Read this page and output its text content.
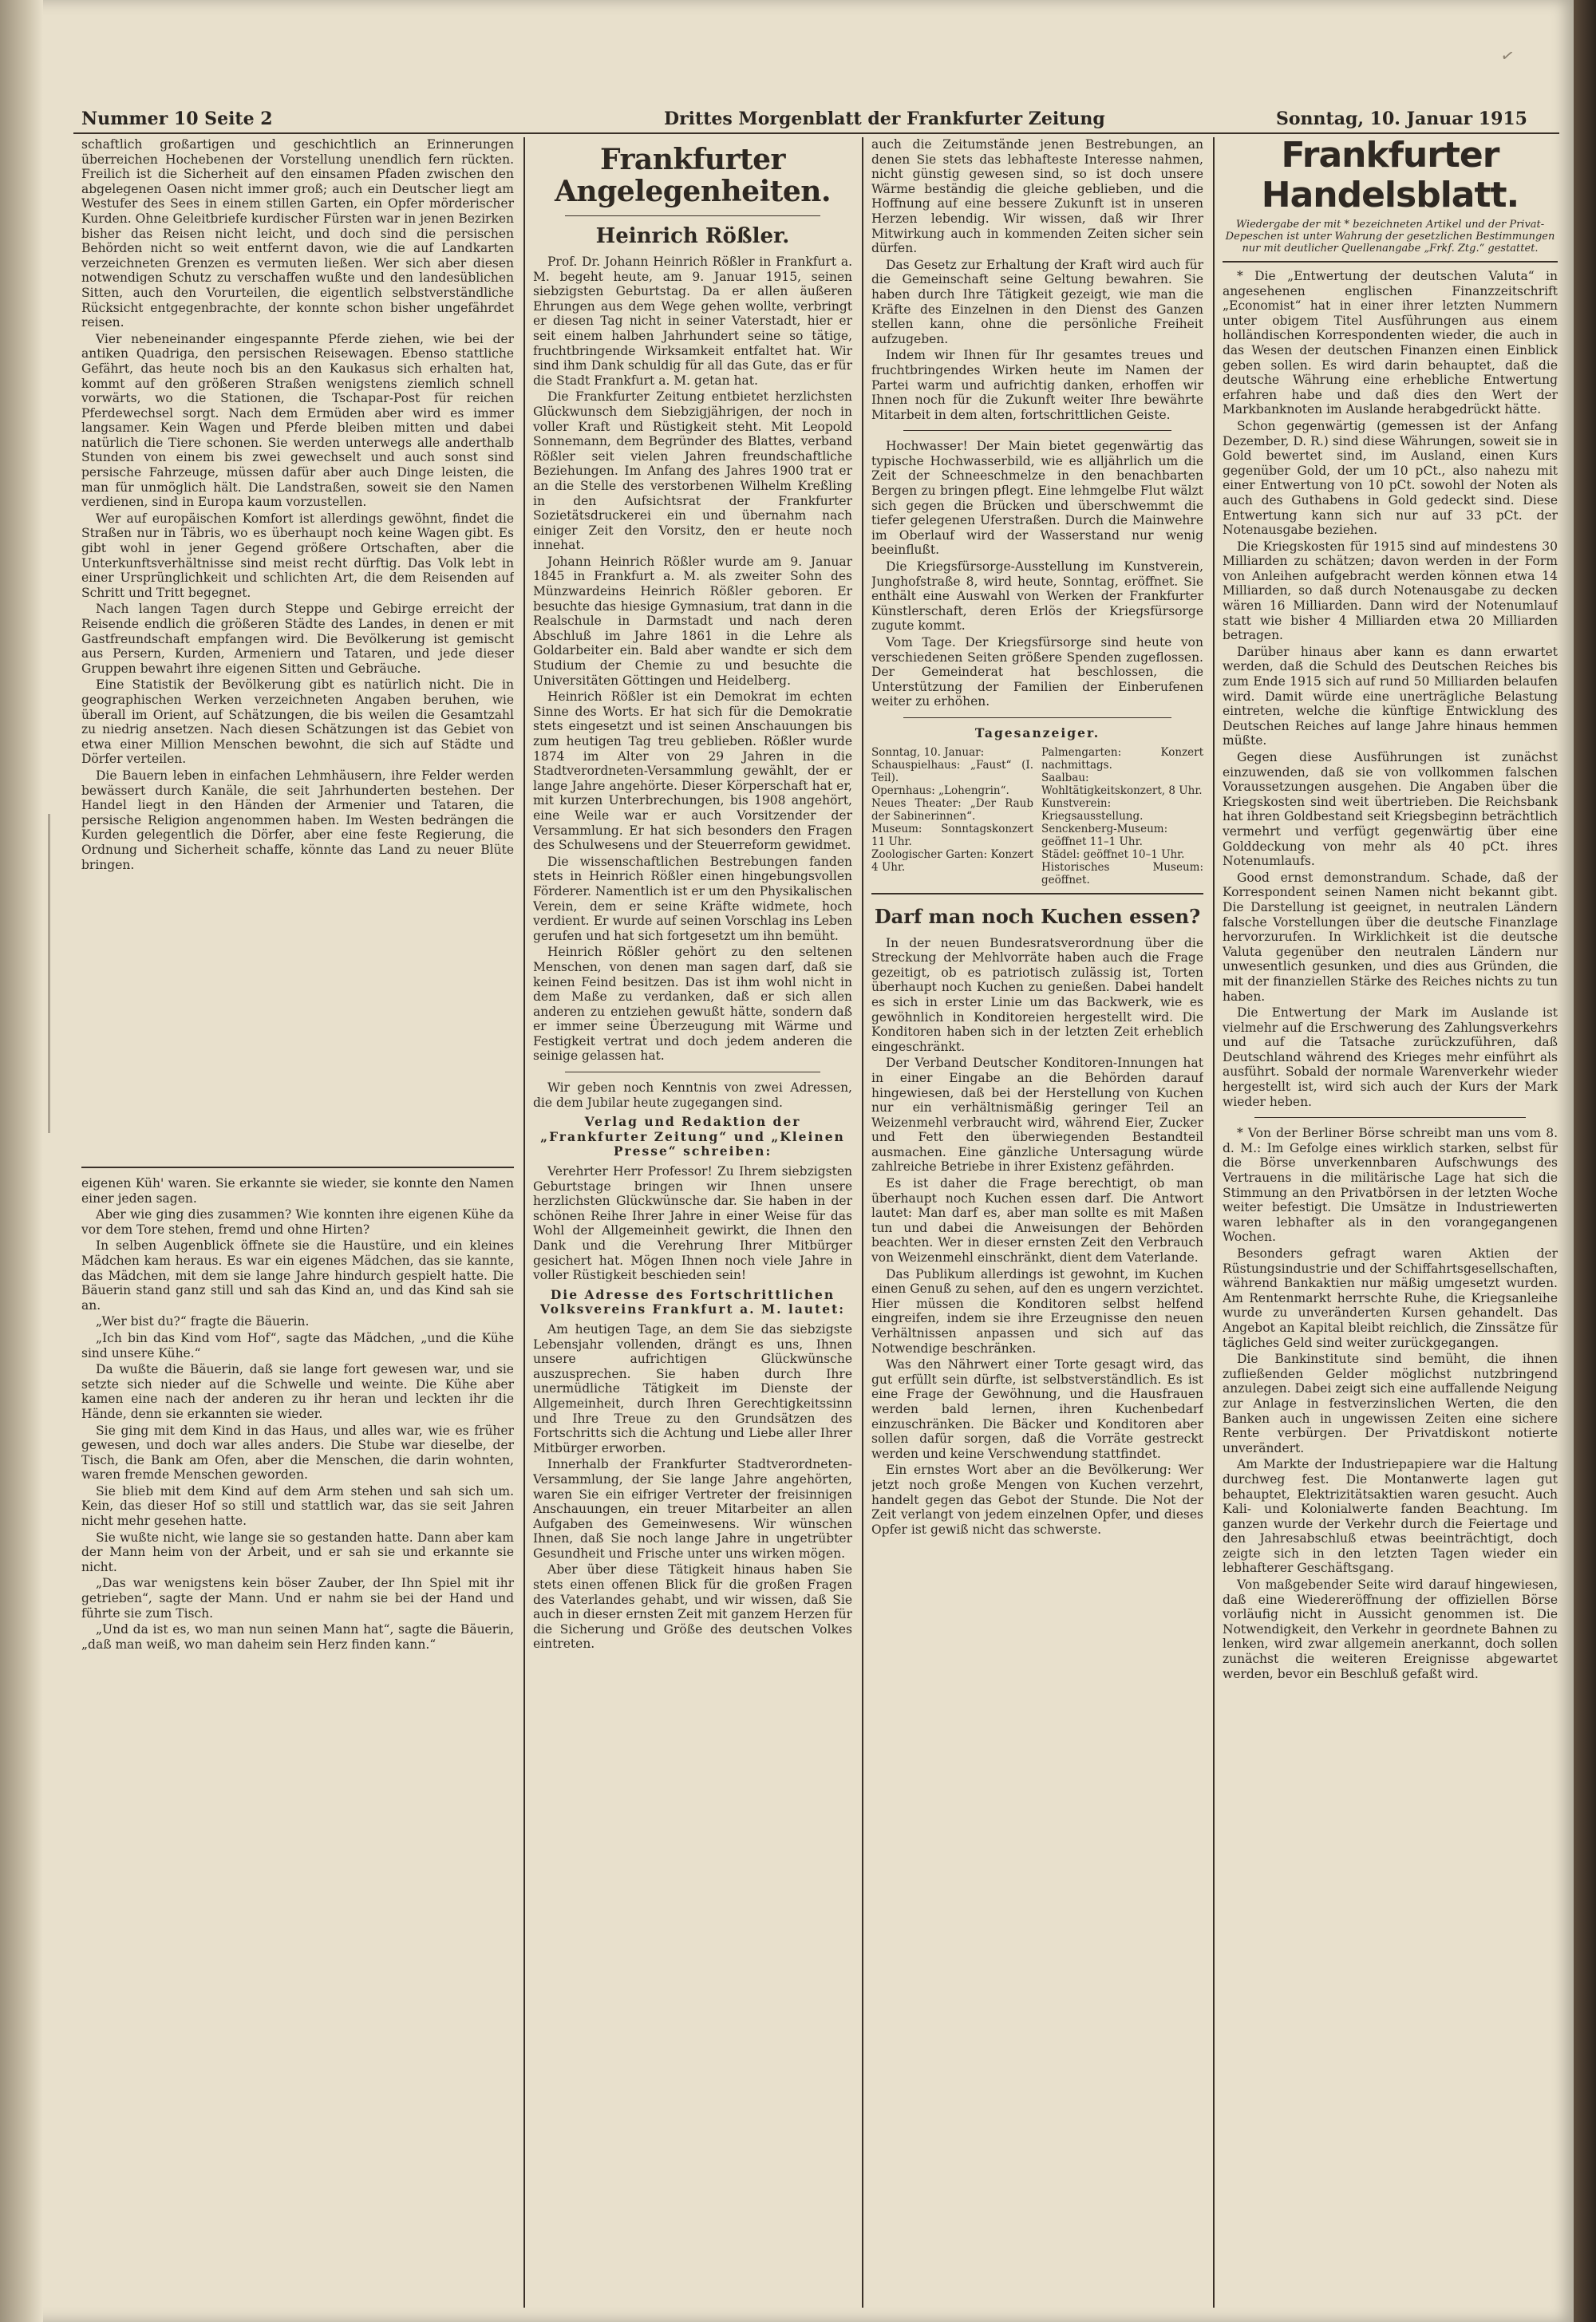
✓
Nummer 10 Seite 2	Drittes Morgenblatt der Frankfurter Zeitung	Sonntag, 10. Januar 1915

schaftlich großartigen und geschichtlich an Erinnerungen überreichen Hochebenen der Vorstellung unendlich fern rückten. Freilich ist die Sicherheit auf den einsamen Pfaden zwischen den abgelegenen Oasen nicht immer groß; auch ein Deutscher liegt am Westufer des Sees in einem stillen Garten, ein Opfer mörderischer Kurden. Ohne Geleitbriefe kurdischer Fürsten war in jenen Bezirken bisher das Reisen nicht leicht, und doch sind die persischen Behörden nicht so weit entfernt davon, wie die auf Landkarten verzeichneten Grenzen es vermuten ließen. Wer sich aber diesen notwendigen Schutz zu verschaffen wußte und den landesüblichen Sitten, auch den Vorurteilen, die eigentlich selbstverständliche Rücksicht entgegenbrachte, der konnte schon bisher ungefährdet reisen.

Vier nebeneinander eingespannte Pferde ziehen, wie bei der antiken Quadriga, den persischen Reisewagen. Ebenso stattliche Gefährt, das heute noch bis an den Kaukasus sich erhalten hat, kommt auf den größeren Straßen wenigstens ziemlich schnell vorwärts, wo die Stationen, die Tschapar-Post für reichen Pferdewechsel sorgt. Nach dem Ermüden aber wird es immer langsamer. Kein Wagen und Pferde bleiben mitten und dabei natürlich die Tiere schonen. Sie werden unterwegs alle anderthalb Stunden von einem bis zwei gewechselt und auch sonst sind persische Fahrzeuge, müssen dafür aber auch Dinge leisten, die man für unmöglich hält. Die Landstraßen, soweit sie den Namen verdienen, sind in Europa kaum vorzustellen.

Wer auf europäischen Komfort ist allerdings gewöhnt, findet die Straßen nur in Täbris, wo es überhaupt noch keine Wagen gibt. Es gibt wohl in jener Gegend größere Ortschaften, aber die Unterkunftsverhältnisse sind meist recht dürftig. Das Volk lebt in einer Ursprünglichkeit und schlichten Art, die dem Reisenden auf Schritt und Tritt begegnet.

Nach langen Tagen durch Steppe und Gebirge erreicht der Reisende endlich die größeren Städte des Landes, in denen er mit Gastfreundschaft empfangen wird. Die Bevölkerung ist gemischt aus Persern, Kurden, Armeniern und Tataren, und jede dieser Gruppen bewahrt ihre eigenen Sitten und Gebräuche.

Eine Statistik der Bevölkerung gibt es natürlich nicht. Die in geographischen Werken verzeichneten Angaben beruhen, wie überall im Orient, auf Schätzungen, die bis weilen die Gesamtzahl zu niedrig ansetzen. Nach diesen Schätzungen ist das Gebiet von etwa einer Million Menschen bewohnt, die sich auf Städte und Dörfer verteilen.

Die Bauern leben in einfachen Lehmhäusern, ihre Felder werden bewässert durch Kanäle, die seit Jahrhunderten bestehen. Der Handel liegt in den Händen der Armenier und Tataren, die persische Religion angenommen haben. Im Westen bedrängen die Kurden gelegentlich die Dörfer, aber eine feste Regierung, die Ordnung und Sicherheit schaffe, könnte das Land zu neuer Blüte bringen.

eigenen Küh' waren. Sie erkannte sie wieder, sie konnte den Namen einer jeden sagen.

Aber wie ging dies zusammen? Wie konnten ihre eigenen Kühe da vor dem Tore stehen, fremd und ohne Hirten?

In selben Augenblick öffnete sie die Haustüre, und ein kleines Mädchen kam heraus. Es war ein eigenes Mädchen, das sie kannte, das Mädchen, mit dem sie lange Jahre hindurch gespielt hatte. Die Bäuerin stand ganz still und sah das Kind an, und das Kind sah sie an.

„Wer bist du?“ fragte die Bäuerin.

„Ich bin das Kind vom Hof“, sagte das Mädchen, „und die Kühe sind unsere Kühe.“

Da wußte die Bäuerin, daß sie lange fort gewesen war, und sie setzte sich nieder auf die Schwelle und weinte. Die Kühe aber kamen eine nach der anderen zu ihr heran und leckten ihr die Hände, denn sie erkannten sie wieder.

Sie ging mit dem Kind in das Haus, und alles war, wie es früher gewesen, und doch war alles anders. Die Stube war dieselbe, der Tisch, die Bank am Ofen, aber die Menschen, die darin wohnten, waren fremde Menschen geworden.

Sie blieb mit dem Kind auf dem Arm stehen und sah sich um. Kein, das dieser Hof so still und stattlich war, das sie seit Jahren nicht mehr gesehen hatte.

Sie wußte nicht, wie lange sie so gestanden hatte. Dann aber kam der Mann heim von der Arbeit, und er sah sie und erkannte sie nicht.

„Das war wenigstens kein böser Zauber, der Ihn Spiel mit ihr getrieben“, sagte der Mann. Und er nahm sie bei der Hand und führte sie zum Tisch.

„Und da ist es, wo man nun seinen Mann hat“, sagte die Bäuerin, „daß man weiß, wo man daheim sein Herz finden kann.“

Frankfurter Angelegenheiten.
Heinrich Rößler.

Prof. Dr. Johann Heinrich Rößler in Frankfurt a. M. begeht heute, am 9. Januar 1915, seinen siebzigsten Geburtstag. Da er allen äußeren Ehrungen aus dem Wege gehen wollte, verbringt er diesen Tag nicht in seiner Vaterstadt, hier er seit einem halben Jahrhundert seine so tätige, fruchtbringende Wirksamkeit entfaltet hat. Wir sind ihm Dank schuldig für all das Gute, das er für die Stadt Frankfurt a. M. getan hat.

Die Frankfurter Zeitung entbietet herzlichsten Glückwunsch dem Siebzigjährigen, der noch in voller Kraft und Rüstigkeit steht. Mit Leopold Sonnemann, dem Begründer des Blattes, verband Rößler seit vielen Jahren freundschaftliche Beziehungen. Im Anfang des Jahres 1900 trat er an die Stelle des verstorbenen Wilhelm Kreßling in den Aufsichtsrat der Frankfurter Sozietätsdruckerei ein und übernahm nach einiger Zeit den Vorsitz, den er heute noch innehat.

Johann Heinrich Rößler wurde am 9. Januar 1845 in Frankfurt a. M. als zweiter Sohn des Münzwardeins Heinrich Rößler geboren. Er besuchte das hiesige Gymnasium, trat dann in die Realschule in Darmstadt und nach deren Abschluß im Jahre 1861 in die Lehre als Goldarbeiter ein. Bald aber wandte er sich dem Studium der Chemie zu und besuchte die Universitäten Göttingen und Heidelberg.

Heinrich Rößler ist ein Demokrat im echten Sinne des Worts. Er hat sich für die Demokratie stets eingesetzt und ist seinen Anschauungen bis zum heutigen Tag treu geblieben. Rößler wurde 1874 im Alter von 29 Jahren in die Stadtverordneten-Versammlung gewählt, der er lange Jahre angehörte. Dieser Körperschaft hat er, mit kurzen Unterbrechungen, bis 1908 angehört, eine Weile war er auch Vorsitzender der Versammlung. Er hat sich besonders den Fragen des Schulwesens und der Steuerreform gewidmet.

Die wissenschaftlichen Bestrebungen fanden stets in Heinrich Rößler einen hingebungsvollen Förderer. Namentlich ist er um den Physikalischen Verein, dem er seine Kräfte widmete, hoch verdient. Er wurde auf seinen Vorschlag ins Leben gerufen und hat sich fortgesetzt um ihn bemüht.

Heinrich Rößler gehört zu den seltenen Menschen, von denen man sagen darf, daß sie keinen Feind besitzen. Das ist ihm wohl nicht in dem Maße zu verdanken, daß er sich allen anderen zu entziehen gewußt hätte, sondern daß er immer seine Überzeugung mit Wärme und Festigkeit vertrat und doch jedem anderen die seinige gelassen hat.

Wir geben noch Kenntnis von zwei Adressen, die dem Jubilar heute zugegangen sind.

Verlag und Redaktion der „Frankfurter Zeitung“ und „Kleinen Presse“ schreiben:

Verehrter Herr Professor! Zu Ihrem siebzigsten Geburtstage bringen wir Ihnen unsere herzlichsten Glückwünsche dar. Sie haben in der schönen Reihe Ihrer Jahre in einer Weise für das Wohl der Allgemeinheit gewirkt, die Ihnen den Dank und die Verehrung Ihrer Mitbürger gesichert hat. Mögen Ihnen noch viele Jahre in voller Rüstigkeit beschieden sein!

Die Adresse des Fortschrittlichen Volksvereins Frankfurt a. M. lautet:

Am heutigen Tage, an dem Sie das siebzigste Lebensjahr vollenden, drängt es uns, Ihnen unsere aufrichtigen Glückwünsche auszusprechen. Sie haben durch Ihre unermüdliche Tätigkeit im Dienste der Allgemeinheit, durch Ihren Gerechtigkeitssinn und Ihre Treue zu den Grundsätzen des Fortschritts sich die Achtung und Liebe aller Ihrer Mitbürger erworben.

Innerhalb der Frankfurter Stadtverordneten-Versammlung, der Sie lange Jahre angehörten, waren Sie ein eifriger Vertreter der freisinnigen Anschauungen, ein treuer Mitarbeiter an allen Aufgaben des Gemeinwesens. Wir wünschen Ihnen, daß Sie noch lange Jahre in ungetrübter Gesundheit und Frische unter uns wirken mögen.

Aber über diese Tätigkeit hinaus haben Sie stets einen offenen Blick für die großen Fragen des Vaterlandes gehabt, und wir wissen, daß Sie auch in dieser ernsten Zeit mit ganzem Herzen für die Sicherung und Größe des deutschen Volkes eintreten.

auch die Zeitumstände jenen Bestrebungen, an denen Sie stets das lebhafteste Interesse nahmen, nicht günstig gewesen sind, so ist doch unsere Wärme beständig die gleiche geblieben, und die Hoffnung auf eine bessere Zukunft ist in unseren Herzen lebendig. Wir wissen, daß wir Ihrer Mitwirkung auch in kommenden Zeiten sicher sein dürfen.

Das Gesetz zur Erhaltung der Kraft wird auch für die Gemeinschaft seine Geltung bewahren. Sie haben durch Ihre Tätigkeit gezeigt, wie man die Kräfte des Einzelnen in den Dienst des Ganzen stellen kann, ohne die persönliche Freiheit aufzugeben.

Indem wir Ihnen für Ihr gesamtes treues und fruchtbringendes Wirken heute im Namen der Partei warm und aufrichtig danken, erhoffen wir Ihnen noch für die Zukunft weiter Ihre bewährte Mitarbeit in dem alten, fortschrittlichen Geiste.

Hochwasser! Der Main bietet gegenwärtig das typische Hochwasserbild, wie es alljährlich um die Zeit der Schneeschmelze in den benachbarten Bergen zu bringen pflegt. Eine lehmgelbe Flut wälzt sich gegen die Brücken und überschwemmt die tiefer gelegenen Uferstraßen. Durch die Mainwehre im Oberlauf wird der Wasserstand nur wenig beeinflußt.

Die Kriegsfürsorge-Ausstellung im Kunstverein, Junghofstraße 8, wird heute, Sonntag, eröffnet. Sie enthält eine Auswahl von Werken der Frankfurter Künstlerschaft, deren Erlös der Kriegsfürsorge zugute kommt.

Vom Tage. Der Kriegsfürsorge sind heute von verschiedenen Seiten größere Spenden zugeflossen. Der Gemeinderat hat beschlossen, die Unterstützung der Familien der Einberufenen weiter zu erhöhen.

Tagesanzeiger.

Sonntag, 10. Januar:
Schauspielhaus: „Faust“ (I. Teil).
Opernhaus: „Lohengrin“.
Neues Theater: „Der Raub der Sabinerinnen“.
Museum: Sonntagskonzert 11 Uhr.
Zoologischer Garten: Konzert 4 Uhr.
Palmengarten: Konzert nachmittags.
Saalbau: Wohltätigkeitskonzert, 8 Uhr.
Kunstverein: Kriegsausstellung.
Senckenberg-Museum: geöffnet 11–1 Uhr.
Städel: geöffnet 10–1 Uhr.
Historisches Museum: geöffnet.
Darf man noch Kuchen essen?

In der neuen Bundesratsverordnung über die Streckung der Mehlvorräte haben auch die Frage gezeitigt, ob es patriotisch zulässig ist, Torten überhaupt noch Kuchen zu genießen. Dabei handelt es sich in erster Linie um das Backwerk, wie es gewöhnlich in Konditoreien hergestellt wird. Die Konditoren haben sich in der letzten Zeit erheblich eingeschränkt.

Der Verband Deutscher Konditoren-Innungen hat in einer Eingabe an die Behörden darauf hingewiesen, daß bei der Herstellung von Kuchen nur ein verhältnismäßig geringer Teil an Weizenmehl verbraucht wird, während Eier, Zucker und Fett den überwiegenden Bestandteil ausmachen. Eine gänzliche Untersagung würde zahlreiche Betriebe in ihrer Existenz gefährden.

Es ist daher die Frage berechtigt, ob man überhaupt noch Kuchen essen darf. Die Antwort lautet: Man darf es, aber man sollte es mit Maßen tun und dabei die Anweisungen der Behörden beachten. Wer in dieser ernsten Zeit den Verbrauch von Weizenmehl einschränkt, dient dem Vaterlande.

Das Publikum allerdings ist gewohnt, im Kuchen einen Genuß zu sehen, auf den es ungern verzichtet. Hier müssen die Konditoren selbst helfend eingreifen, indem sie ihre Erzeugnisse den neuen Verhältnissen anpassen und sich auf das Notwendige beschränken.

Was den Nährwert einer Torte gesagt wird, das gut erfüllt sein dürfte, ist selbstverständlich. Es ist eine Frage der Gewöhnung, und die Hausfrauen werden bald lernen, ihren Kuchenbedarf einzuschränken. Die Bäcker und Konditoren aber sollen dafür sorgen, daß die Vorräte gestreckt werden und keine Verschwendung stattfindet.

Ein ernstes Wort aber an die Bevölkerung: Wer jetzt noch große Mengen von Kuchen verzehrt, handelt gegen das Gebot der Stunde. Die Not der Zeit verlangt von jedem einzelnen Opfer, und dieses Opfer ist gewiß nicht das schwerste.

Frankfurter Handelsblatt.
Wiedergabe der mit * bezeichneten Artikel und der Privat-Depeschen ist unter Wahrung der gesetzlichen Bestimmungen nur mit deutlicher Quellenangabe „Frkf. Ztg.“ gestattet.

* Die „Entwertung der deutschen Valuta“ in angesehenen englischen Finanzzeitschrift „Economist“ hat in einer ihrer letzten Nummern unter obigem Titel Ausführungen aus einem holländischen Korrespondenten wieder, die auch in das Wesen der deutschen Finanzen einen Einblick geben sollen. Es wird darin behauptet, daß die deutsche Währung eine erhebliche Entwertung erfahren habe und daß dies den Wert der Markbanknoten im Auslande herabgedrückt hätte.

Schon gegenwärtig (gemessen ist der Anfang Dezember, D. R.) sind diese Währungen, soweit sie in Gold bewertet sind, im Ausland, einen Kurs gegenüber Gold, der um 10 pCt., also nahezu mit einer Entwertung von 10 pCt. sowohl der Noten als auch des Guthabens in Gold gedeckt sind. Diese Entwertung kann sich nur auf 33 pCt. der Notenausgabe beziehen.

Die Kriegskosten für 1915 sind auf mindestens 30 Milliarden zu schätzen; davon werden in der Form von Anleihen aufgebracht werden können etwa 14 Milliarden, so daß durch Notenausgabe zu decken wären 16 Milliarden. Dann wird der Notenumlauf statt wie bisher 4 Milliarden etwa 20 Milliarden betragen.

Darüber hinaus aber kann es dann erwartet werden, daß die Schuld des Deutschen Reiches bis zum Ende 1915 sich auf rund 50 Milliarden belaufen wird. Damit würde eine unerträgliche Belastung eintreten, welche die künftige Entwicklung des Deutschen Reiches auf lange Jahre hinaus hemmen müßte.

Gegen diese Ausführungen ist zunächst einzuwenden, daß sie von vollkommen falschen Voraussetzungen ausgehen. Die Angaben über die Kriegskosten sind weit übertrieben. Die Reichsbank hat ihren Goldbestand seit Kriegsbeginn beträchtlich vermehrt und verfügt gegenwärtig über eine Golddeckung von mehr als 40 pCt. ihres Notenumlaufs.

Good ernst demonstrandum. Schade, daß der Korrespondent seinen Namen nicht bekannt gibt. Die Darstellung ist geeignet, in neutralen Ländern falsche Vorstellungen über die deutsche Finanzlage hervorzurufen. In Wirklichkeit ist die deutsche Valuta gegenüber den neutralen Ländern nur unwesentlich gesunken, und dies aus Gründen, die mit der finanziellen Stärke des Reiches nichts zu tun haben.

Die Entwertung der Mark im Auslande ist vielmehr auf die Erschwerung des Zahlungsverkehrs und auf die Tatsache zurückzuführen, daß Deutschland während des Krieges mehr einführt als ausführt. Sobald der normale Warenverkehr wieder hergestellt ist, wird sich auch der Kurs der Mark wieder heben.

* Von der Berliner Börse schreibt man uns vom 8. d. M.: Im Gefolge eines wirklich starken, selbst für die Börse unverkennbaren Aufschwungs des Vertrauens in die militärische Lage hat sich die Stimmung an den Privatbörsen in der letzten Woche weiter befestigt. Die Umsätze in Industriewerten waren lebhafter als in den vorangegangenen Wochen.

Besonders gefragt waren Aktien der Rüstungsindustrie und der Schiffahrtsgesellschaften, während Bankaktien nur mäßig umgesetzt wurden. Am Rentenmarkt herrschte Ruhe, die Kriegsanleihe wurde zu unveränderten Kursen gehandelt. Das Angebot an Kapital bleibt reichlich, die Zinssätze für tägliches Geld sind weiter zurückgegangen.

Die Bankinstitute sind bemüht, die ihnen zufließenden Gelder möglichst nutzbringend anzulegen. Dabei zeigt sich eine auffallende Neigung zur Anlage in festverzinslichen Werten, die den Banken auch in ungewissen Zeiten eine sichere Rente verbürgen. Der Privatdiskont notierte unverändert.

Am Markte der Industriepapiere war die Haltung durchweg fest. Die Montanwerte lagen gut behauptet, Elektrizitätsaktien waren gesucht. Auch Kali- und Kolonialwerte fanden Beachtung. Im ganzen wurde der Verkehr durch die Feiertage und den Jahresabschluß etwas beeinträchtigt, doch zeigte sich in den letzten Tagen wieder ein lebhafterer Geschäftsgang.

Von maßgebender Seite wird darauf hingewiesen, daß eine Wiedereröffnung der offiziellen Börse vorläufig nicht in Aussicht genommen ist. Die Notwendigkeit, den Verkehr in geordnete Bahnen zu lenken, wird zwar allgemein anerkannt, doch sollen zunächst die weiteren Ereignisse abgewartet werden, bevor ein Beschluß gefaßt wird.
